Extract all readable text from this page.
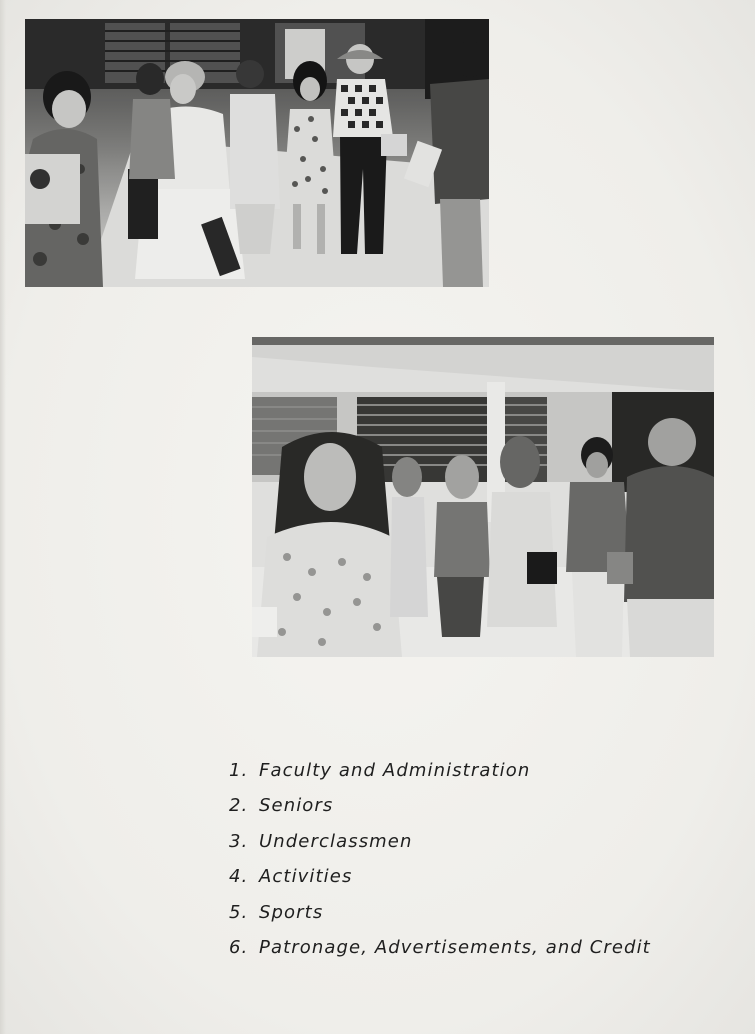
1. Faculty and Administration
2. Seniors
3. Underclassmen
4. Activities
5. Sports
6. Patronage, Advertisements, and Credit
